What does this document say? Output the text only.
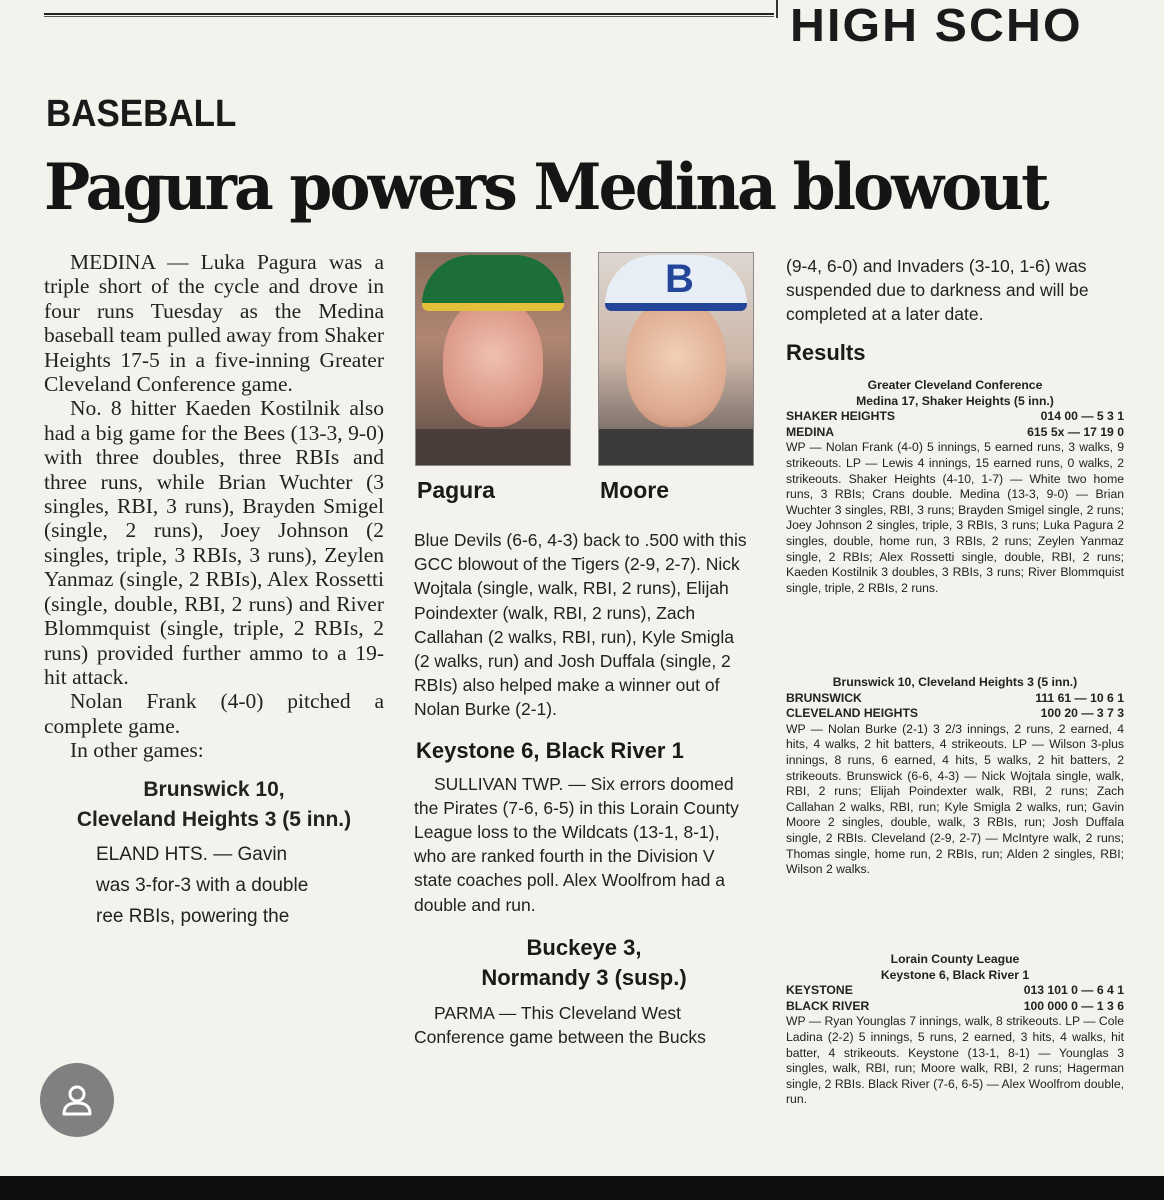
HIGH SCHO
BASEBALL
Pagura powers Medina blowout

MEDINA — Luka Pagura was a triple short of the cycle and drove in four runs Tuesday as the Medina baseball team pulled away from Shaker Heights 17-5 in a five-inning Greater Cleveland Conference game.

No. 8 hitter Kaeden Kostilnik also had a big game for the Bees (13-3, 9-0) with three doubles, three RBIs and three runs, while Brian Wuchter (3 singles, RBI, 3 runs), Brayden Smigel (single, 2 runs), Joey Johnson (2 singles, triple, 3 RBIs, 3 runs), Zeylen Yanmaz (single, 2 RBIs), Alex Rossetti (single, double, RBI, 2 runs) and River Blommquist (single, triple, 2 RBIs, 2 runs) provided further ammo to a 19-hit attack.

Nolan Frank (4-0) pitched a complete game.

In other games:

Brunswick 10,

Cleveland Heights 3 (5 inn.)

ELAND HTS. — Gavin

was 3-for-3 with a double

ree RBIs, powering the

B
Pagura	Moore

Blue Devils (6-6, 4-3) back to .500 with this GCC blowout of the Tigers (2-9, 2-7). Nick Wojtala (single, walk, RBI, 2 runs), Elijah Poindexter (walk, RBI, 2 runs), Zach Callahan (2 walks, RBI, run), Kyle Smigla (2 walks, run) and Josh Duffala (single, 2 RBIs) also helped make a winner out of Nolan Burke (2-1).

Keystone 6, Black River 1

SULLIVAN TWP. — Six errors doomed the Pirates (7-6, 6-5) in this Lorain County League loss to the Wildcats (13-1, 8-1), who are ranked fourth in the Division V state coaches poll. Alex Woolfrom had a double and run.

Buckeye 3,

Normandy 3 (susp.)

PARMA — This Cleveland West Conference game between the Bucks

(9-4, 6-0) and Invaders (3-10, 1-6) was suspended due to darkness and will be completed at a later date.

Results
Greater Cleveland Conference
Medina 17, Shaker Heights (5 inn.)
SHAKER HEIGHTS	014 00 — 5 3 1
MEDINA	615 5x — 17 19 0

WP — Nolan Frank (4-0) 5 innings, 5 earned runs, 3 walks, 9 strikeouts. LP — Lewis 4 innings, 15 earned runs, 0 walks, 2 strikeouts. Shaker Heights (4-10, 1-7) — White two home runs, 3 RBIs; Crans double. Medina (13-3, 9-0) — Brian Wuchter 3 singles, RBI, 3 runs; Brayden Smigel single, 2 runs; Joey Johnson 2 singles, triple, 3 RBIs, 3 runs; Luka Pagura 2 singles, double, home run, 3 RBIs, 2 runs; Zeylen Yanmaz single, 2 RBIs; Alex Rossetti single, double, RBI, 2 runs; Kaeden Kostilnik 3 doubles, 3 RBIs, 3 runs; River Blommquist single, triple, 2 RBIs, 2 runs.

Brunswick 10, Cleveland Heights 3 (5 inn.)
BRUNSWICK	111 61 — 10 6 1
CLEVELAND HEIGHTS	100 20 — 3 7 3

WP — Nolan Burke (2-1) 3 2/3 innings, 2 runs, 2 earned, 4 hits, 4 walks, 2 hit batters, 4 strikeouts. LP — Wilson 3-plus innings, 8 runs, 6 earned, 4 hits, 5 walks, 2 hit batters, 2 strikeouts. Brunswick (6-6, 4-3) — Nick Wojtala single, walk, RBI, 2 runs; Elijah Poindexter walk, RBI, 2 runs; Zach Callahan 2 walks, RBI, run; Kyle Smigla 2 walks, run; Gavin Moore 2 singles, double, walk, 3 RBIs, run; Josh Duffala single, 2 RBIs. Cleveland (2-9, 2-7) — McIntyre walk, 2 runs; Thomas single, home run, 2 RBIs, run; Alden 2 singles, RBI; Wilson 2 walks.

Lorain County League
Keystone 6, Black River 1
KEYSTONE	013 101 0 — 6 4 1
BLACK RIVER	100 000 0 — 1 3 6

WP — Ryan Younglas 7 innings, walk, 8 strikeouts. LP — Cole Ladina (2-2) 5 innings, 5 runs, 2 earned, 3 hits, 4 walks, hit batter, 4 strikeouts. Keystone (13-1, 8-1) — Younglas 3 singles, walk, RBI, run; Moore walk, RBI, 2 runs; Hagerman single, 2 RBIs. Black River (7-6, 6-5) — Alex Woolfrom double, run.
